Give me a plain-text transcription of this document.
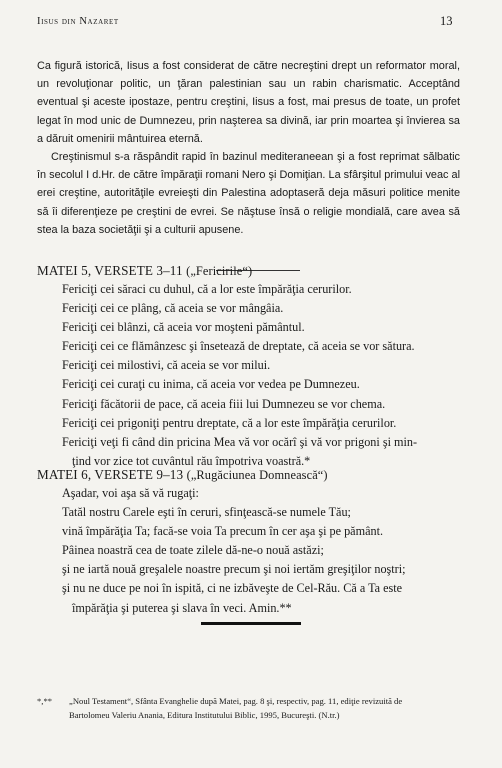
Iisus din Nazaret	13

Ca figură istorică, Iisus a fost considerat de către necreştini drept un reformator moral, un revoluţionar politic, un ţăran palestinian sau un rabin charismatic. Acceptând eventual şi aceste ipostaze, pentru creştini, Iisus a fost, mai presus de toate, un profet legat în mod unic de Dumnezeu, prin naşterea sa divină, iar prin moartea şi învierea sa a dăruit omenirii mântuirea eternă.

Creştinismul s-a răspândit rapid în bazinul mediteraneean şi a fost reprimat sălbatic în secolul I d.Hr. de către împăraţii romani Nero şi Domiţian. La sfârşitul primului veac al erei creştine, autorităţile evreieşti din Palestina adoptaseră deja măsuri politice menite să îi diferenţieze pe creştini de evrei. Se năştuse însă o religie mondială, care avea să stea la baza societăţii şi a culturii apusene.

MATEI 5, VERSETE 3–11 („Fericirile“)

Fericiţi cei săraci cu duhul, că a lor este împărăţia cerurilor.

Fericiţi cei ce plâng, că aceia se vor mângâia.

Fericiţi cei blânzi, că aceia vor moşteni pământul.

Fericiţi cei ce flămânzesc şi însetează de dreptate, că aceia se vor sătura.

Fericiţi cei milostivi, că aceia se vor milui.

Fericiţi cei curaţi cu inima, că aceia vor vedea pe Dumnezeu.

Fericiţi făcătorii de pace, că aceia fiii lui Dumnezeu se vor chema.

Fericiţi cei prigoniţi pentru dreptate, că a lor este împărăţia cerurilor.

Fericiţi veţi fi când din pricina Mea vă vor ocărî şi vă vor prigoni şi min-

ţind vor zice tot cuvântul rău împotriva voastră.*

MATEI 6, VERSETE 9–13 („Rugăciunea Domnească“)

Aşadar, voi aşa să vă rugaţi:

Tatăl nostru Carele eşti în ceruri, sfinţească-se numele Tău;

vină împărăţia Ta; facă-se voia Ta precum în cer aşa şi pe pământ.

Pâinea noastră cea de toate zilele dă-ne-o nouă astăzi;

şi ne iartă nouă greşalele noastre precum şi noi iertăm greşiţilor noştri;

şi nu ne duce pe noi în ispită, ci ne izbăveşte de Cel-Rău. Că a Ta este

împărăţia şi puterea şi slava în veci. Amin.**

*,** „Noul Testament“, Sfânta Evanghelie după Matei, pag. 8 şi, respectiv, pag. 11, ediţie revizuită de
Bartolomeu Valeriu Anania, Editura Institutului Biblic, 1995, Bucureşti. (N.tr.)
